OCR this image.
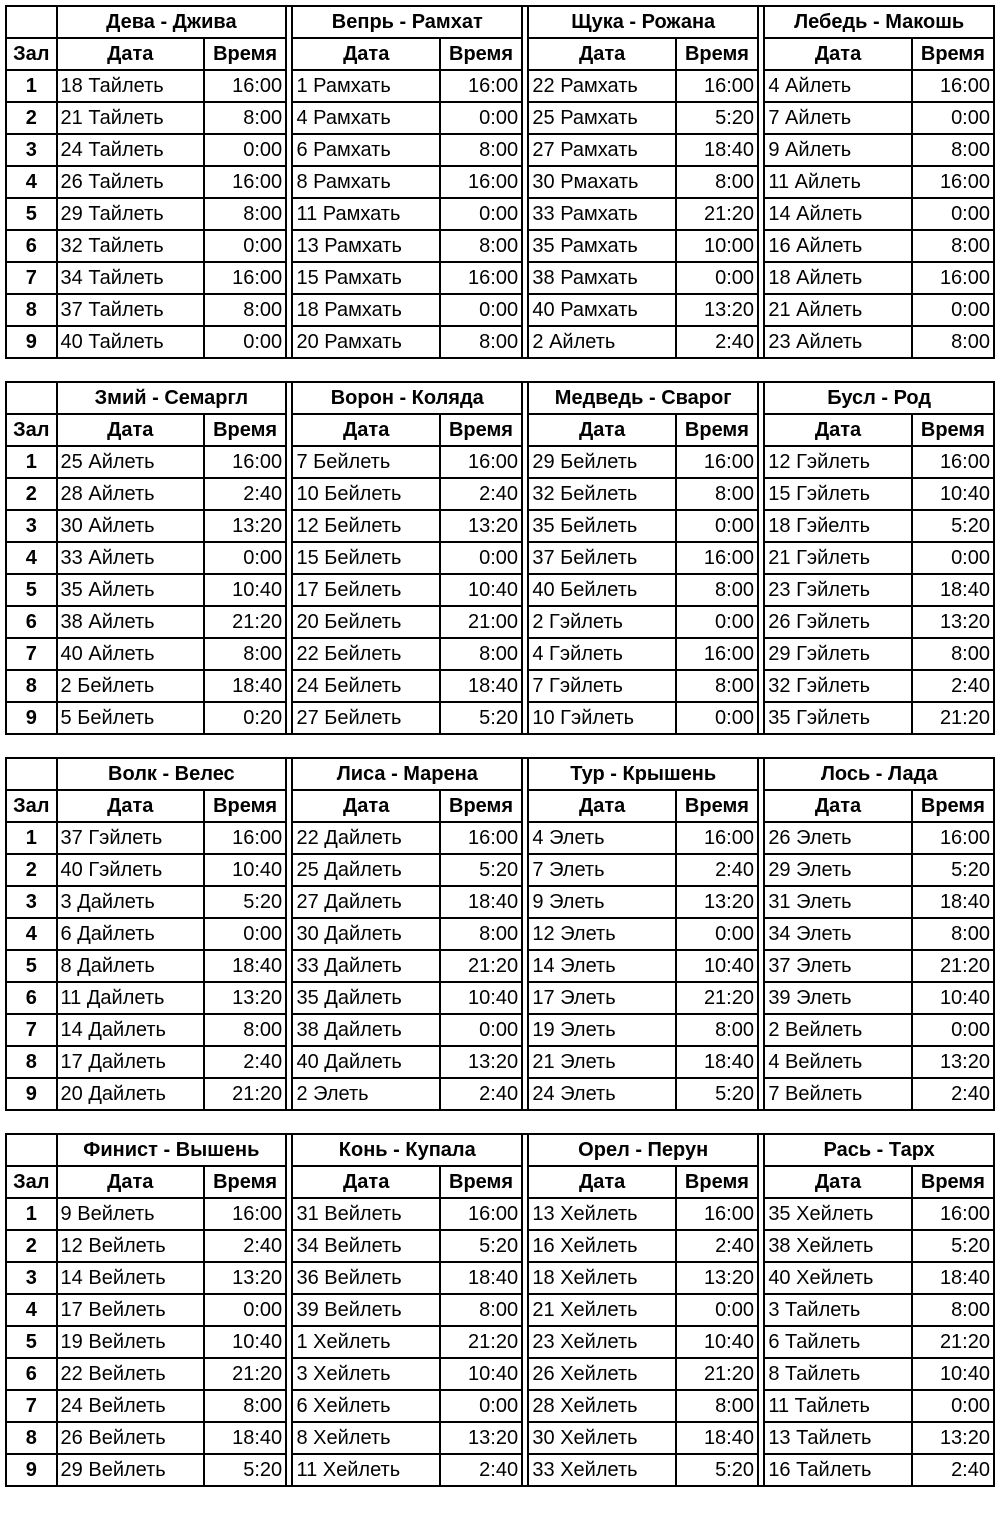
	Дева - Джива			Вепрь - Рамхат			Щука - Рожана			Лебедь - Макошь	
Зал	Дата	Время		Дата	Время		Дата	Время		Дата	Время
1	18 Тайлеть	16:00		1 Рамхать	16:00		22 Рамхать	16:00		4 Айлеть	16:00
2	21 Тайлеть	8:00		4 Рамхать	0:00		25 Рамхать	5:20		7 Айлеть	0:00
3	24 Тайлеть	0:00		6 Рамхать	8:00		27 Рамхать	18:40		9 Айлеть	8:00
4	26 Тайлеть	16:00		8 Рамхать	16:00		30 Рмахать	8:00		11 Айлеть	16:00
5	29 Тайлеть	8:00		11 Рамхать	0:00		33 Рамхать	21:20		14 Айлеть	0:00
6	32 Тайлеть	0:00		13 Рамхать	8:00		35 Рамхать	10:00		16 Айлеть	8:00
7	34 Тайлеть	16:00		15 Рамхать	16:00		38 Рамхать	0:00		18 Айлеть	16:00
8	37 Тайлеть	8:00		18 Рамхать	0:00		40 Рамхать	13:20		21 Айлеть	0:00
9	40 Тайлеть	0:00		20 Рамхать	8:00		2 Айлеть	2:40		23 Айлеть	8:00
	Змий - Семаргл			Ворон - Коляда			Медведь - Сварог			Бусл - Род	
Зал	Дата	Время		Дата	Время		Дата	Время		Дата	Время
1	25 Айлеть	16:00		7 Бейлеть	16:00		29 Бейлеть	16:00		12 Гэйлеть	16:00
2	28 Айлеть	2:40		10 Бейлеть	2:40		32 Бейлеть	8:00		15 Гэйлеть	10:40
3	30 Айлеть	13:20		12 Бейлеть	13:20		35 Бейлеть	0:00		18 Гэйелть	5:20
4	33 Айлеть	0:00		15 Бейлеть	0:00		37 Бейлеть	16:00		21 Гэйлеть	0:00
5	35 Айлеть	10:40		17 Бейлеть	10:40		40 Бейлеть	8:00		23 Гэйлеть	18:40
6	38 Айлеть	21:20		20 Бейлеть	21:00		2 Гэйлеть	0:00		26 Гэйлеть	13:20
7	40 Айлеть	8:00		22 Бейлеть	8:00		4 Гэйлеть	16:00		29 Гэйлеть	8:00
8	2 Бейлеть	18:40		24 Бейлеть	18:40		7 Гэйлеть	8:00		32 Гэйлеть	2:40
9	5 Бейлеть	0:20		27 Бейлеть	5:20		10 Гэйлеть	0:00		35 Гэйлеть	21:20
	Волк - Велес			Лиса - Марена			Тур - Крышень			Лось - Лада	
Зал	Дата	Время		Дата	Время		Дата	Время		Дата	Время
1	37 Гэйлеть	16:00		22 Дайлеть	16:00		4 Элеть	16:00		26 Элеть	16:00
2	40 Гэйлеть	10:40		25 Дайлеть	5:20		7 Элеть	2:40		29 Элеть	5:20
3	3 Дайлеть	5:20		27 Дайлеть	18:40		9 Элеть	13:20		31 Элеть	18:40
4	6 Дайлеть	0:00		30 Дайлеть	8:00		12 Элеть	0:00		34 Элеть	8:00
5	8 Дайлеть	18:40		33 Дайлеть	21:20		14 Элеть	10:40		37 Элеть	21:20
6	11 Дайлеть	13:20		35 Дайлеть	10:40		17 Элеть	21:20		39 Элеть	10:40
7	14 Дайлеть	8:00		38 Дайлеть	0:00		19 Элеть	8:00		2 Вейлеть	0:00
8	17 Дайлеть	2:40		40 Дайлеть	13:20		21 Элеть	18:40		4 Вейлеть	13:20
9	20 Дайлеть	21:20		2 Элеть	2:40		24 Элеть	5:20		7 Вейлеть	2:40
	Финист - Вышень			Конь - Купала			Орел - Перун			Рась - Тарх	
Зал	Дата	Время		Дата	Время		Дата	Время		Дата	Время
1	9 Вейлеть	16:00		31 Вейлеть	16:00		13 Хейлеть	16:00		35 Хейлеть	16:00
2	12 Вейлеть	2:40		34 Вейлеть	5:20		16 Хейлеть	2:40		38 Хейлеть	5:20
3	14 Вейлеть	13:20		36 Вейлеть	18:40		18 Хейлеть	13:20		40 Хейлеть	18:40
4	17 Вейлеть	0:00		39 Вейлеть	8:00		21 Хейлеть	0:00		3 Тайлеть	8:00
5	19 Вейлеть	10:40		1 Хейлеть	21:20		23 Хейлеть	10:40		6 Тайлеть	21:20
6	22 Вейлеть	21:20		3 Хейлеть	10:40		26 Хейлеть	21:20		8 Тайлеть	10:40
7	24 Вейлеть	8:00		6 Хейлеть	0:00		28 Хейлеть	8:00		11 Тайлеть	0:00
8	26 Вейлеть	18:40		8 Хейлеть	13:20		30 Хейлеть	18:40		13 Тайлеть	13:20
9	29 Вейлеть	5:20		11 Хейлеть	2:40		33 Хейлеть	5:20		16 Тайлеть	2:40
